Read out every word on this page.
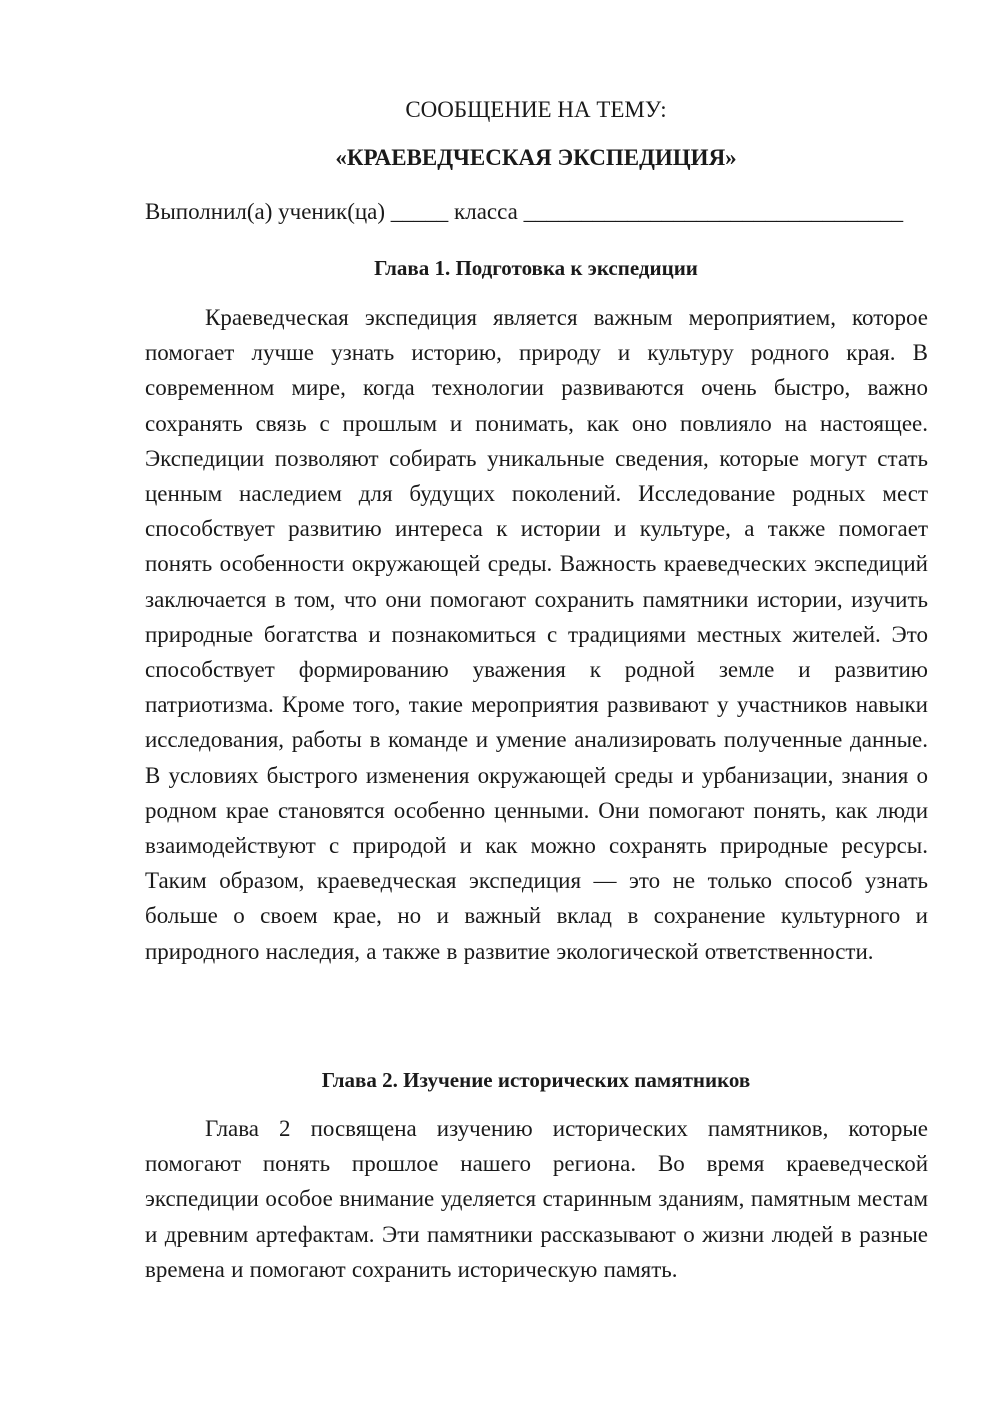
СООБЩЕНИЕ НА ТЕМУ:
«КРАЕВЕДЧЕСКАЯ ЭКСПЕДИЦИЯ»

Выполнил(а) ученик(ца) _____ класса _________________________________

Глава 1. Подготовка к экспедиции

Краеведческая экспедиция является важным мероприятием, которое помогает лучше узнать историю, природу и культуру родного края. В современном мире, когда технологии развиваются очень быстро, важно сохранять связь с прошлым и понимать, как оно повлияло на настоящее. Экспедиции позволяют собирать уникальные сведения, которые могут стать ценным наследием для будущих поколений. Исследование родных мест способствует развитию интереса к истории и культуре, а также помогает понять особенности окружающей среды. Важность краеведческих экспедиций заключается в том, что они помогают сохранить памятники истории, изучить природные богатства и познакомиться с традициями местных жителей. Это способствует формированию уважения к родной земле и развитию патриотизма. Кроме того, такие мероприятия развивают у участников навыки исследования, работы в команде и умение анализировать полученные данные. В условиях быстрого изменения окружающей среды и урбанизации, знания о родном крае становятся особенно ценными. Они помогают понять, как люди взаимодействуют с природой и как можно сохранять природные ресурсы. Таким образом, краеведческая экспедиция — это не только способ узнать больше о своем крае, но и важный вклад в сохранение культурного и природного наследия, а также в развитие экологической ответственности.

Глава 2. Изучение исторических памятников

Глава 2 посвящена изучению исторических памятников, которые помогают понять прошлое нашего региона. Во время краеведческой экспедиции особое внимание уделяется старинным зданиям, памятным местам и древним артефактам. Эти памятники рассказывают о жизни людей в разные времена и помогают сохранить историческую память.
